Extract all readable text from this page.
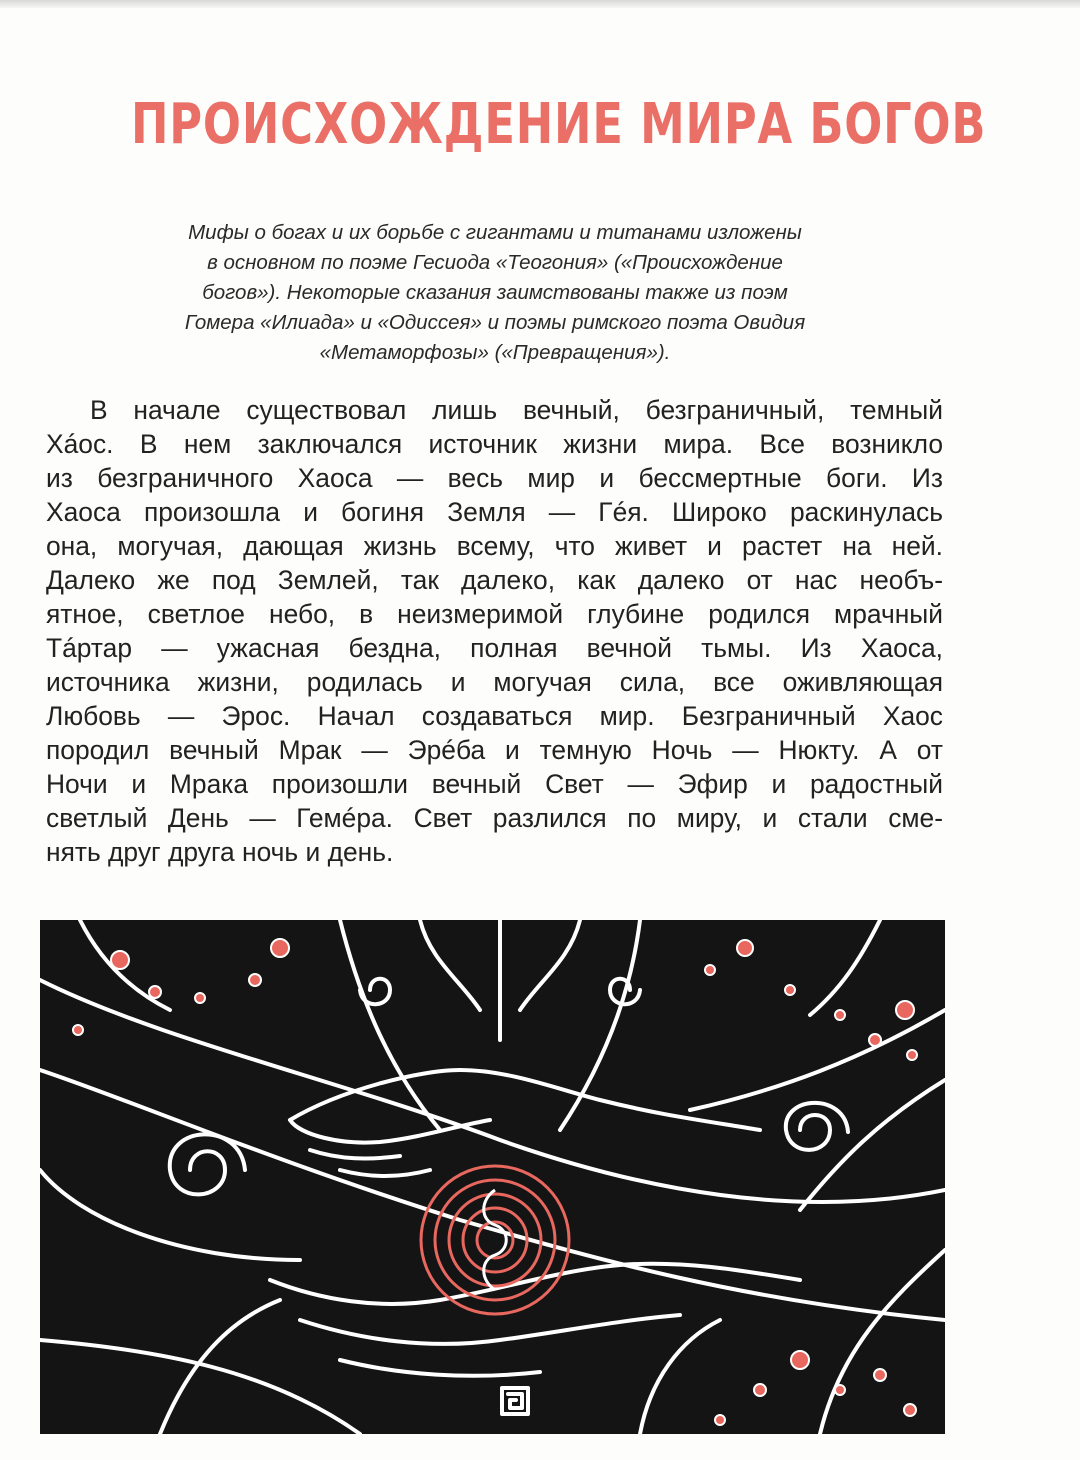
ПРОИСХОЖДЕНИЕ МИРА БОГОВ
Мифы о богах и их борьбе с гигантами и титанами изложены
в основном по поэме Гесиода «Теогония» («Происхождение
богов»). Некоторые сказания заимствованы также из поэм
Гомера «Илиада» и «Одиссея» и поэмы римского поэта Овидия
«Метаморфозы» («Превращения»).
В начале существовал лишь вечный, безграничный, темный
Хáос. В нем заключался источник жизни мира. Все возникло
из безграничного Хаоса — весь мир и бессмертные боги. Из
Хаоса произошла и богиня Земля — Гéя. Широко раскинулась
она, могучая, дающая жизнь всему, что живет и растет на ней.
Далеко же под Землей, так далеко, как далеко от нас необъ-
ятное, светлое небо, в неизмеримой глубине родился мрачный
Тáртар — ужасная бездна, полная вечной тьмы. Из Хаоса,
источника жизни, родилась и могучая сила, все оживляющая
Любовь — Эрос. Начал создаваться мир. Безграничный Хаос
породил вечный Мрак — Эрéба и темную Ночь — Нюкту. А от
Ночи и Мрака произошли вечный Свет — Эфир и радостный
светлый День — Гемéра. Свет разлился по миру, и стали сме-
нять друг друга ночь и день.
